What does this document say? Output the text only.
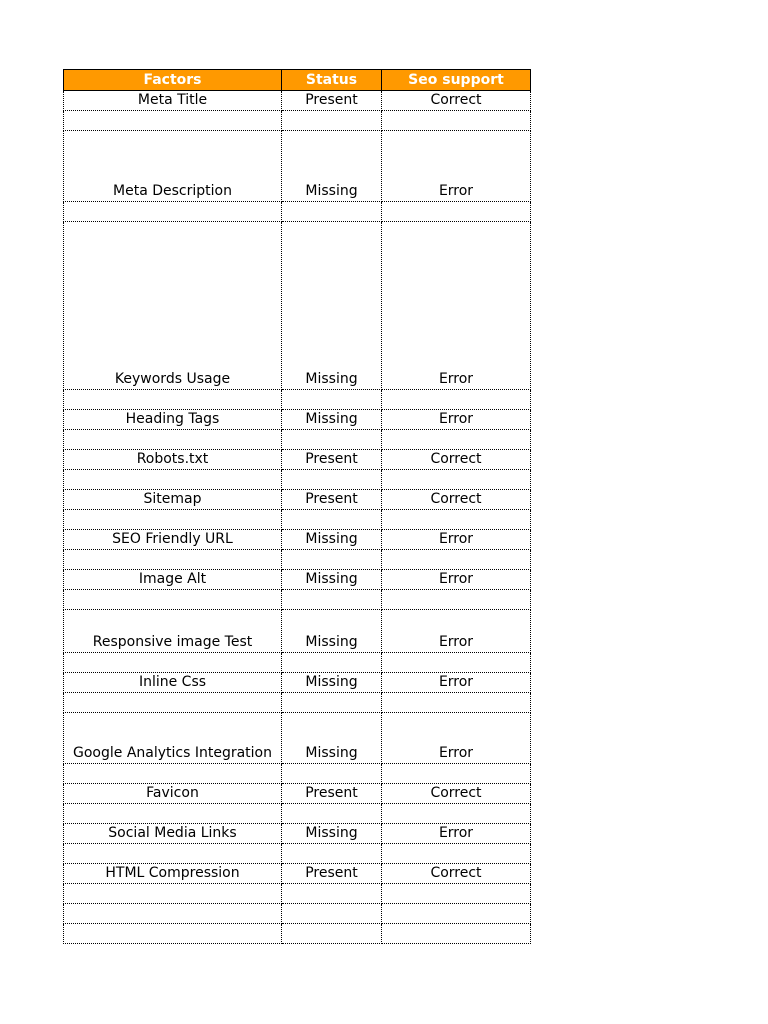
Factors	Status	Seo support
Meta Title	Present	Correct

Meta Description	Missing	Error

Keywords Usage	Missing	Error

Heading Tags	Missing	Error

Robots.txt	Present	Correct

Sitemap	Present	Correct

SEO Friendly URL	Missing	Error

Image Alt	Missing	Error

Responsive image Test	Missing	Error

Inline Css	Missing	Error

Google Analytics Integration	Missing	Error

Favicon	Present	Correct

Social Media Links	Missing	Error

HTML Compression	Present	Correct
